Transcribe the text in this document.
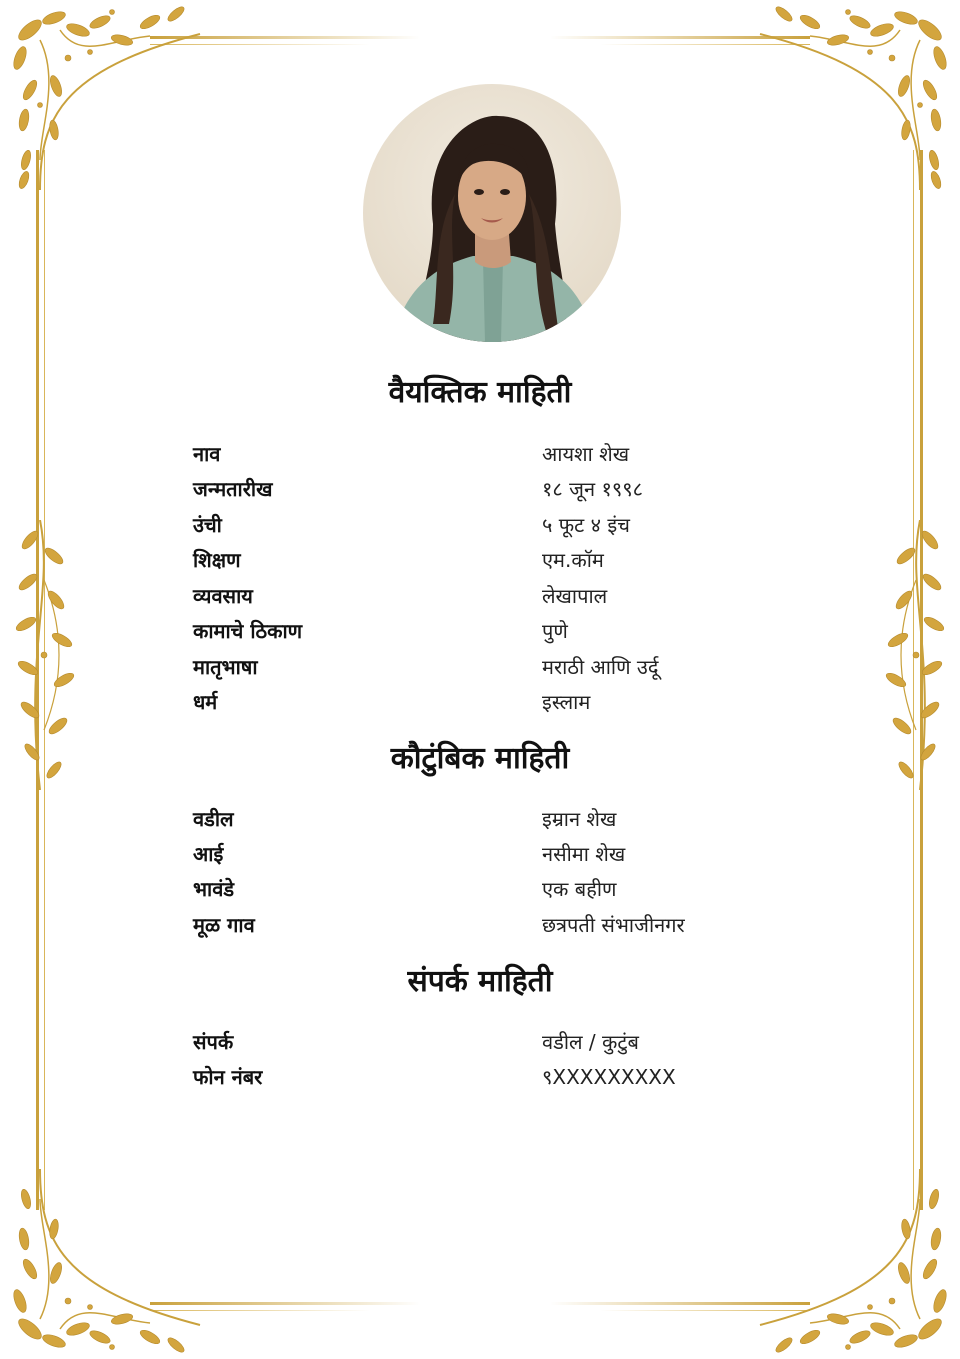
वैयक्तिक माहिती
नाव	आयशा शेख
जन्मतारीख	१८ जून १९९८
उंची	५ फूट ४ इंच
शिक्षण	एम.कॉम
व्यवसाय	लेखापाल
कामाचे ठिकाण	पुणे
मातृभाषा	मराठी आणि उर्दू
धर्म	इस्लाम
कौटुंबिक माहिती
वडील	इम्रान शेख
आई	नसीमा शेख
भावंडे	एक बहीण
मूळ गाव	छत्रपती संभाजीनगर
संपर्क माहिती
संपर्क	वडील / कुटुंब
फोन नंबर	९XXXXXXXXX
